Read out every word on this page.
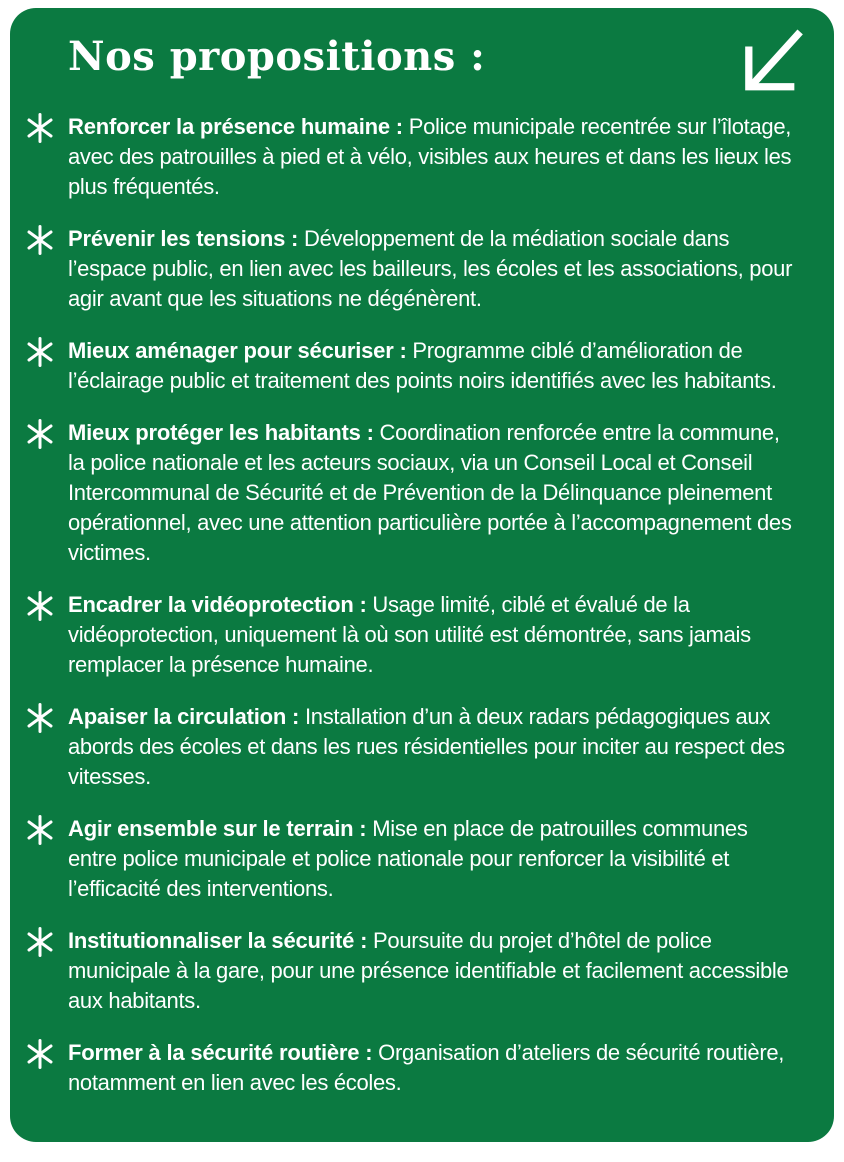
Nos propositions :

Renforcer la présence humaine : Police municipale recentrée sur l’îlotage, avec des patrouilles à pied et à vélo, visibles aux heures et dans les lieux les plus fréquentés.

Prévenir les tensions : Développement de la médiation sociale dans l’espace public, en lien avec les bailleurs, les écoles et les associations, pour agir avant que les situations ne dégénèrent.

Mieux aménager pour sécuriser : Programme ciblé d’amélioration de l’éclairage public et traitement des points noirs identifiés avec les habitants.

Mieux protéger les habitants : Coordination renforcée entre la commune, la police nationale et les acteurs sociaux, via un Conseil Local et Conseil Intercommunal de Sécurité et de Prévention de la Délinquance pleinement opérationnel, avec une attention particulière portée à l’accompagnement des victimes.

Encadrer la vidéoprotection : Usage limité, ciblé et évalué de la vidéoprotection, uniquement là où son utilité est démontrée, sans jamais remplacer la présence humaine.

Apaiser la circulation : Installation d’un à deux radars pédagogiques aux abords des écoles et dans les rues résidentielles pour inciter au respect des vitesses.

Agir ensemble sur le terrain : Mise en place de patrouilles communes entre police municipale et police nationale pour renforcer la visibilité et l’efficacité des interventions.

Institutionnaliser la sécurité : Poursuite du projet d’hôtel de police municipale à la gare, pour une présence identifiable et facilement accessible aux habitants.

Former à la sécurité routière : Organisation d’ateliers de sécurité routière, notamment en lien avec les écoles.
